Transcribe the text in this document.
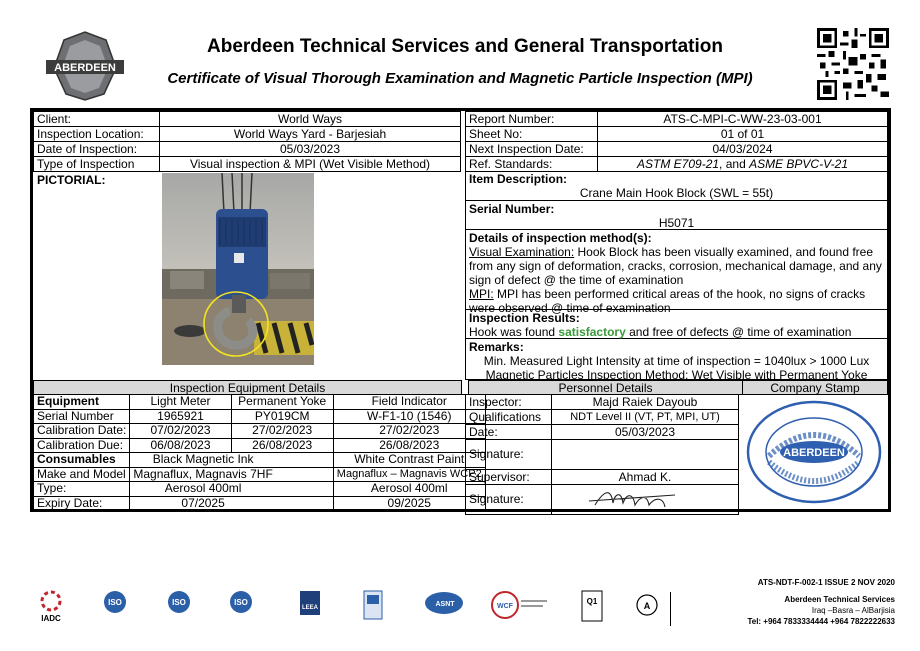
ABERDEEN
Aberdeen Technical Services and General Transportation
Certificate of Visual Thorough Examination and Magnetic Particle Inspection (MPI)
Client:	World Ways
Inspection Location:	World Ways Yard - Barjesiah
Date of Inspection:	05/03/2023
Type of Inspection	Visual inspection & MPI (Wet Visible Method)
Report Number:	ATS-C-MPI-C-WW-23-03-001
Sheet No:	01 of 01
Next Inspection Date:	04/03/2024
Ref. Standards:	ASTM E709-21, and ASME BPVC-V-21
PICTORIAL:	Item Description:
Crane Main Hook Block (SWL = 55t)
Serial Number:
H5071
Details of inspection method(s):
Visual Examination: Hook Block has been visually examined, and found free from any sign of deformation, cracks, corrosion, mechanical damage, and any sign of defect @ the time of examination
MPI: MPI has been performed critical areas of the hook, no signs of cracks were observed @ time of examination
Inspection Results:
Hook was found satisfactory and free of defects @ time of examination
Remarks:
Min. Measured Light Intensity at time of inspection = 1040lux > 1000 Lux
Magnetic Particles Inspection Method: Wet Visible with Permanent Yoke
Inspection Equipment Details		Personnel Details	Company Stamp
Equipment	Light Meter	Permanent Yoke	Field Indicator
Serial Number	1965921	PY019CM	W-F1-10 (1546)
Calibration Date:	07/02/2023	27/02/2023	27/02/2023
Calibration Due:	06/08/2023	26/08/2023	26/08/2023
Consumables	Black Magnetic Ink		White Contrast Paint
Make and Model	Magnaflux, Magnavis 7HF		Magnaflux – Magnavis WCP2
Type:	Aerosol 400ml		Aerosol 400ml
Expiry Date:	07/2025		09/2025
Inspector:	Majd Raiek Dayoub
Qualifications	NDT Level II (VT, PT, MPI, UT)
Date:	05/03/2023
Signature:	
Supervisor:	Ahmad K.
Signature:	
ABERDEEN
IADC
ISO	ISO	ISO
LEEA	ASNT	WCF
Q1	A
ATS-NDT-F-002-1 ISSUE 2 NOV 2020
Aberdeen Technical Services
Iraq –Basra – AlBarjisia
Tel: +964 7833334444 +964 7822222633
